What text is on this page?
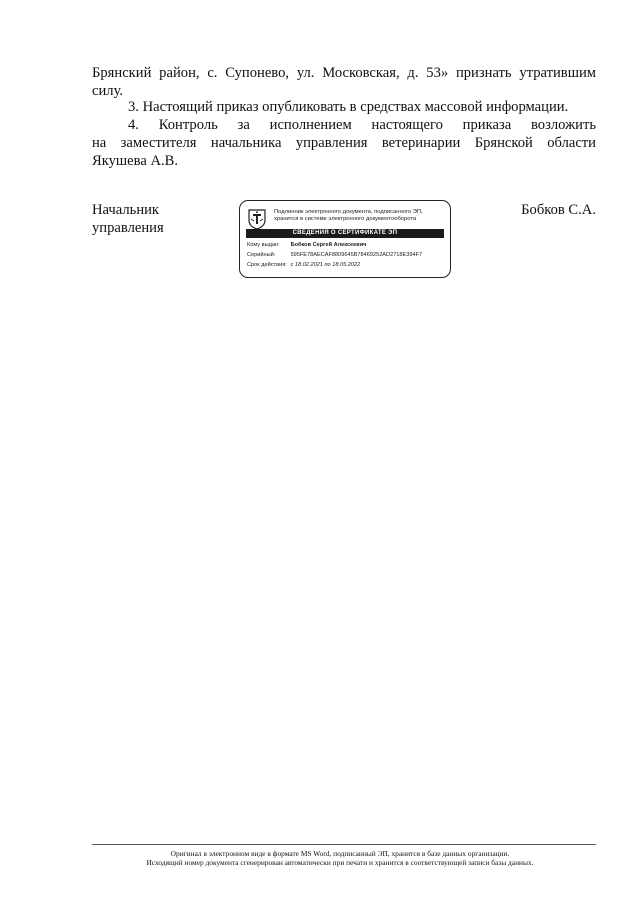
Брянский район, с. Супонево, ул. Московская, д. 53» признать утратившим

силу.

3. Настоящий приказ опубликовать в средствах массовой информации.

4. Контроль за исполнением настоящего приказа возложить

на заместителя начальника управления ветеринарии Брянской области

Якушева А.В.

Начальник управления
Бобков С.А.
Подлинник электронного документа, подписанного ЭП, хранится в системе электронного документооборота
СВЕДЕНИЯ О СЕРТИФИКАТЕ ЭП
Кому выдан: Бобков Сергей Алексеевич
Серийный:	595FE78AECAF8809645B78469252AD2718E394F7
Срок действия: с 18.02.2021 по 18.05.2022
Оригинал в электронном виде в формате MS Word, подписанный ЭП, хранится в базе данных организации.
Исходящий номер документа сгенерирован автоматически при печати и хранится в соответствующей записи базы данных.
